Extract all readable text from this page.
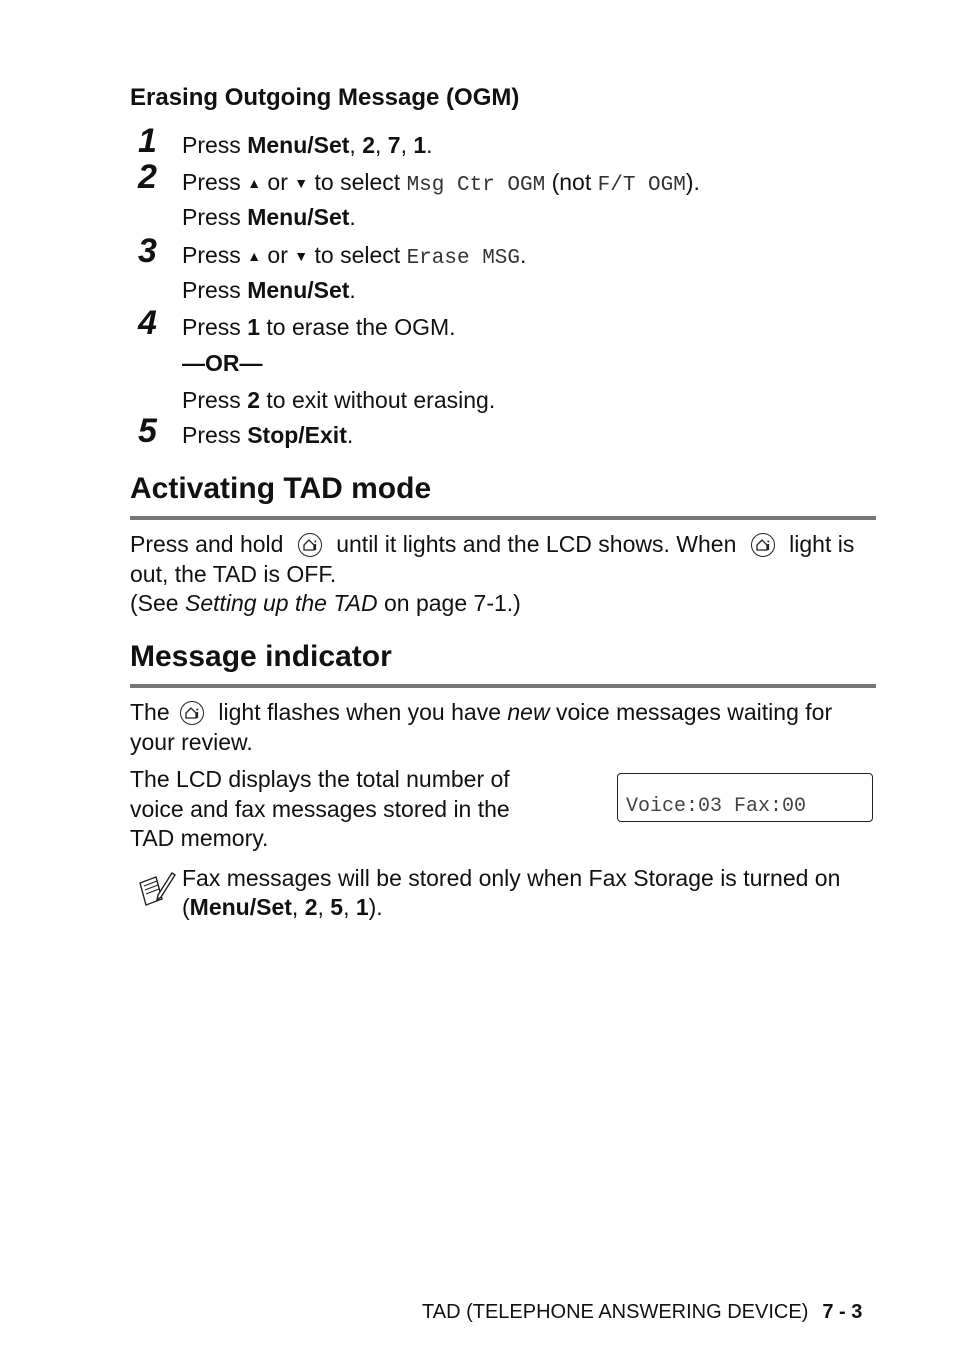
Erasing Outgoing Message (OGM)
1	Press Menu/Set, 2, 7, 1.
2	Press ▲ or ▼ to select Msg Ctr OGM (not F/T OGM).
Press Menu/Set.
3	Press ▲ or ▼ to select Erase MSG.
Press Menu/Set.
4	Press 1 to erase the OGM.
—OR—
Press 2 to exit without erasing.
5	Press Stop/Exit.
Activating TAD mode

Press and hold
until it lights and the LCD shows. When
light is out, the TAD is OFF.
(See Setting up the TAD on page 7-1.)

Message indicator

The
light flashes when you have new voice messages waiting for your review.

The LCD displays the total number of voice and fax messages stored in the TAD memory.

Voice:03 Fax:00

Fax messages will be stored only when Fax Storage is turned on (Menu/Set, 2, 5, 1).

TAD (TELEPHONE ANSWERING DEVICE) 7 - 3
